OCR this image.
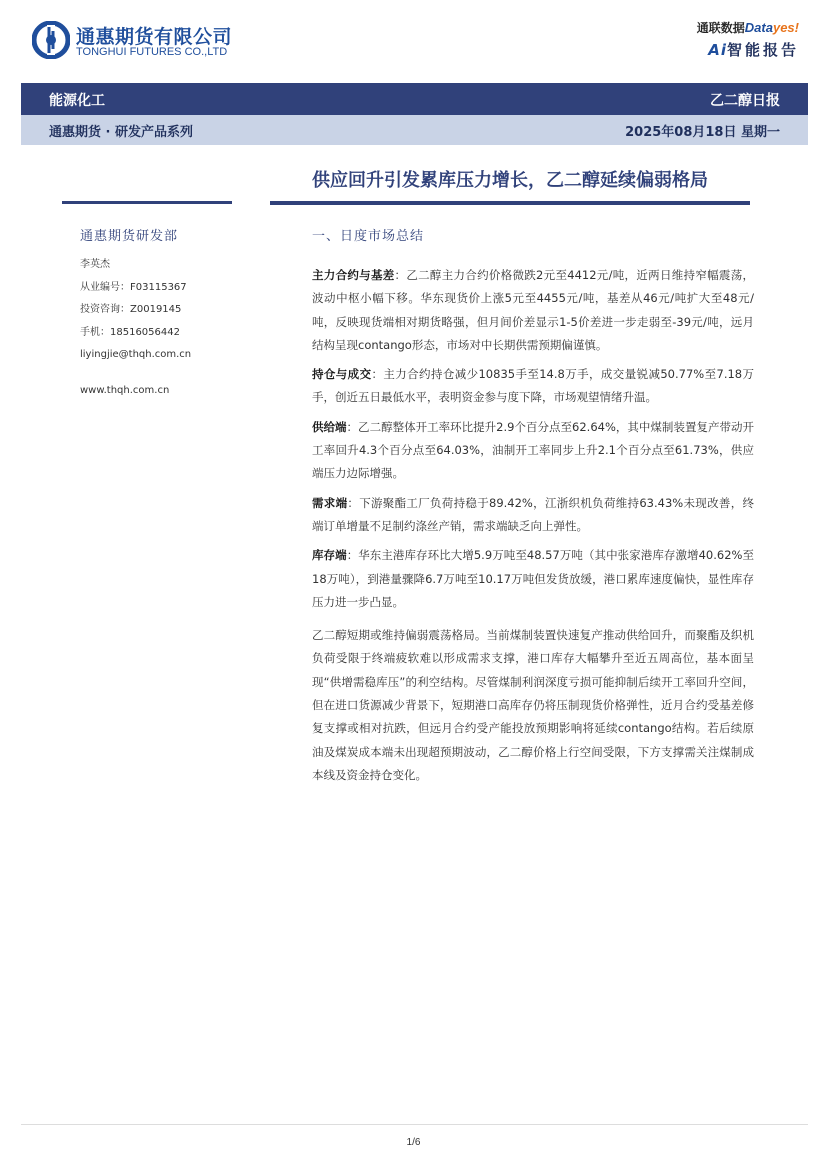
通惠期货有限公司
TONGHUI FUTURES CO.,LTD
通联数据Datayes!
Ai智能报告
能源化工	乙二醇日报
通惠期货 · 研发产品系列	2025年08月18日 星期一
供应回升引发累库压力增长，乙二醇延续偏弱格局
通惠期货研发部
李英杰
从业编号：F03115367
投资咨询：Z0019145
手机：18516056442
liyingjie@thqh.com.cn
www.thqh.com.cn
一、日度市场总结

主力合约与基差：乙二醇主力合约价格微跌2元至4412元/吨，近两日维持窄幅震荡，波动中枢小幅下移。华东现货价上涨5元至4455元/吨，基差从46元/吨扩大至48元/吨，反映现货端相对期货略强，但月间价差显示1-5价差进一步走弱至-39元/吨，远月结构呈现contango形态，市场对中长期供需预期偏谨慎。

持仓与成交：主力合约持仓减少10835手至14.8万手，成交量锐减50.77%至7.18万手，创近五日最低水平，表明资金参与度下降，市场观望情绪升温。

供给端：乙二醇整体开工率环比提升2.9个百分点至62.64%，其中煤制装置复产带动开工率回升4.3个百分点至64.03%，油制开工率同步上升2.1个百分点至61.73%，供应端压力边际增强。

需求端：下游聚酯工厂负荷持稳于89.42%，江浙织机负荷维持63.43%未现改善，终端订单增量不足制约涤丝产销，需求端缺乏向上弹性。

库存端：华东主港库存环比大增5.9万吨至48.57万吨（其中张家港库存激增40.62%至18万吨），到港量骤降6.7万吨至10.17万吨但发货放缓，港口累库速度偏快，显性库存压力进一步凸显。

乙二醇短期或维持偏弱震荡格局。当前煤制装置快速复产推动供给回升，而聚酯及织机负荷受限于终端疲软难以形成需求支撑，港口库存大幅攀升至近五周高位，基本面呈现“供增需稳库压”的利空结构。尽管煤制利润深度亏损可能抑制后续开工率回升空间，但在进口货源减少背景下，短期港口高库存仍将压制现货价格弹性，近月合约受基差修复支撑或相对抗跌，但远月合约受产能投放预期影响将延续contango结构。若后续原油及煤炭成本端未出现超预期波动，乙二醇价格上行空间受限，下方支撑需关注煤制成本线及资金持仓变化。

1/6
